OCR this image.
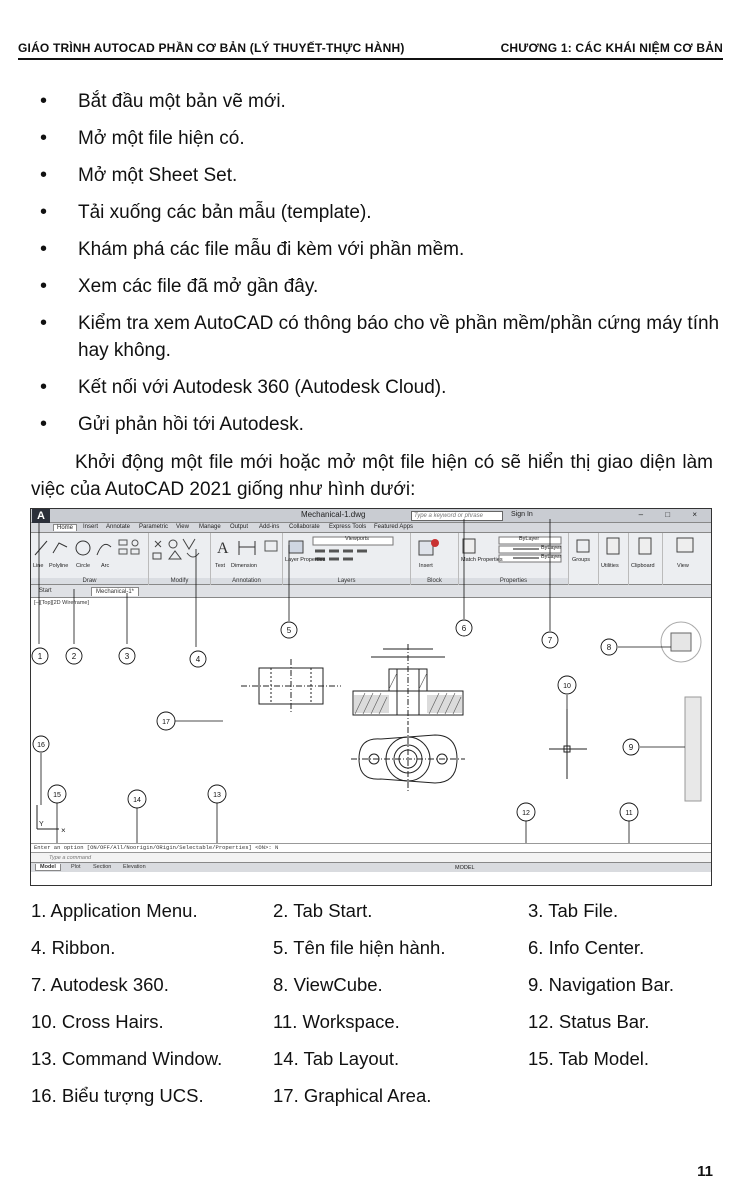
GIÁO TRÌNH AUTOCAD PHẦN CƠ BẢN (LÝ THUYẾT-THỰC HÀNH)	CHƯƠNG 1: CÁC KHÁI NIỆM CƠ BẢN
• Bắt đầu một bản vẽ mới.
• Mở một file hiện có.
• Mở một Sheet Set.
• Tải xuống các bản mẫu (template).
• Khám phá các file mẫu đi kèm với phần mềm.
• Xem các file đã mở gần đây.
• Kiểm tra xem AutoCAD có thông báo cho về phần mềm/phần cứng máy tính hay không.
• Kết nối với Autodesk 360 (Autodesk Cloud).
• Gửi phản hồi tới Autodesk.

Khởi động một file mới hoặc mở một file hiện có sẽ hiển thị giao diện làm việc của AutoCAD 2021 giống như hình dưới:

A	Mechanical-1.dwg	Type a keyword or phrase	Sign In	– □ ×
Home	Insert Annotate Parametric View Manage Output Add-ins Collaborate Express Tools Featured Apps
Line Polyline Circle Arc
Draw	Modify
A
Text Dimension
Annotation
Viewports
Layer Properties
Layers
Insert
Block
ByLayer
ByLayer
ByLayer
Match Properties
Properties
Groups
Utilities Clipboard	View
Start	Mechanical-1*
[–][Top][2D Wireframe]
Y
×
1	2	3	4
5	6
7
8
9
10
11
12
13
14
15
16
17
Enter an option [ON/OFF/All/Noorigin/ORigin/Selectable/Properties] <ON>: N
Type a command
Model	Plot Section Elevation	MODEL
1. Application Menu.	2. Tab Start.	3. Tab File.
4. Ribbon.	5. Tên file hiện hành.	6. Info Center.
7. Autodesk 360.	8. ViewCube.	9. Navigation Bar.
10. Cross Hairs.	11. Workspace.	12. Status Bar.
13. Command Window.	14. Tab Layout.	15. Tab Model.
16. Biểu tượng UCS.	17. Graphical Area.
11
